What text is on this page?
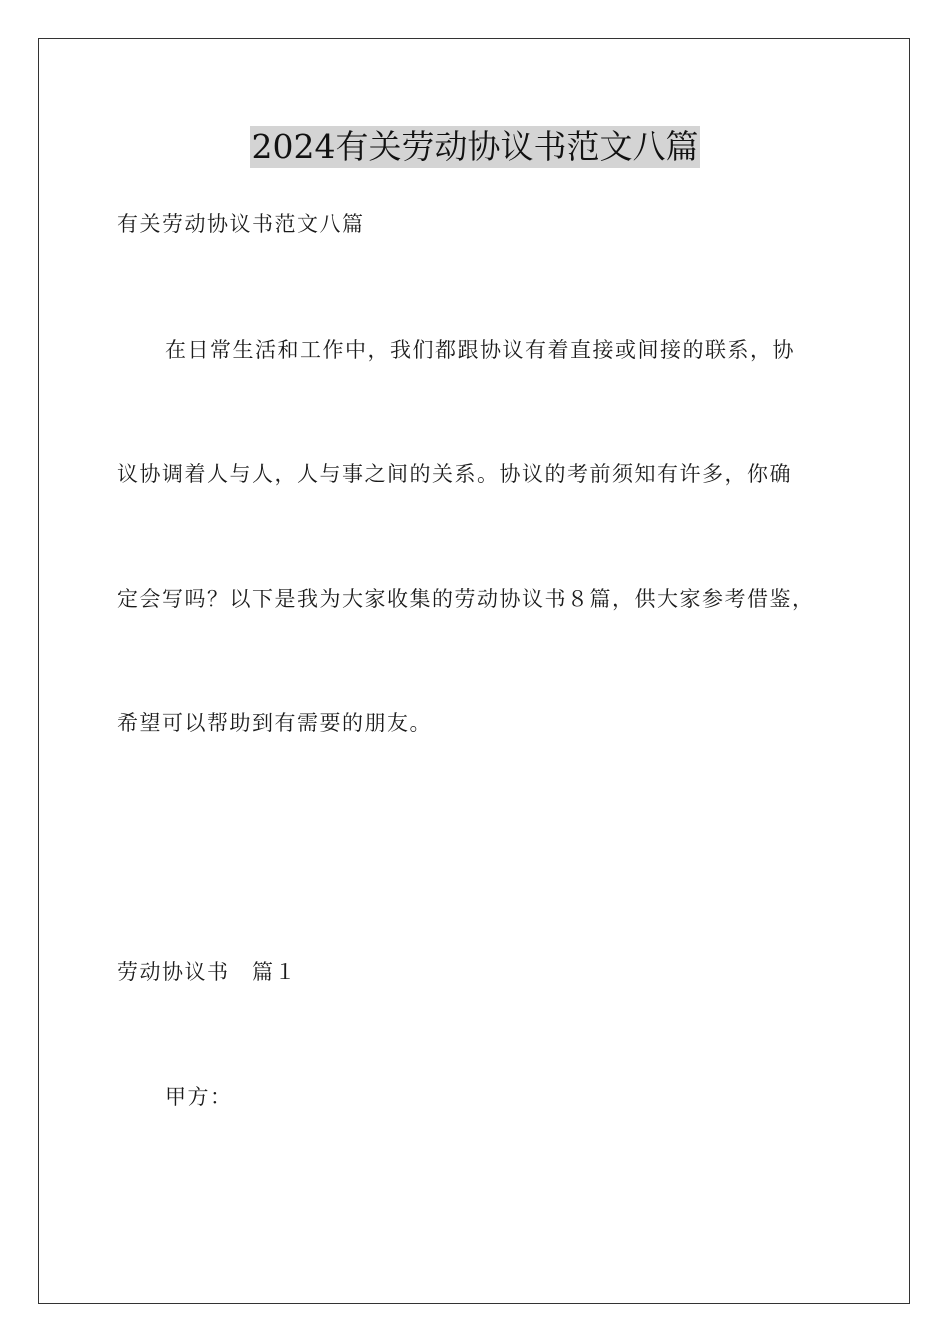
2024有关劳动协议书范文八篇
有关劳动协议书范文八篇
在日常生活和工作中，我们都跟协议有着直接或间接的联系，协
议协调着人与人，人与事之间的关系。协议的考前须知有许多，你确
定会写吗？以下是我为大家收集的劳动协议书８篇，供大家参考借鉴，
希望可以帮助到有需要的朋友。
劳动协议书　篇１
甲方：
